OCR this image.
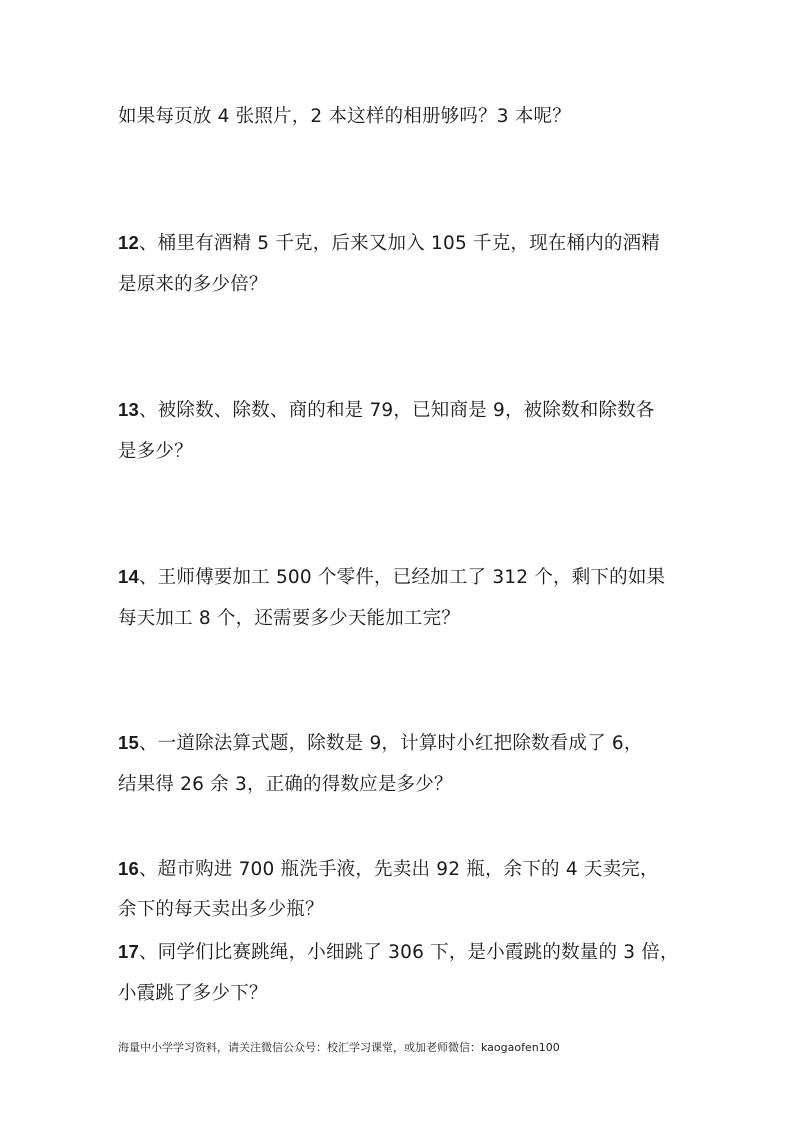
如果每页放 4 张照片，2 本这样的相册够吗？3 本呢？
12、桶里有酒精 5 千克，后来又加入 105 千克，现在桶内的酒精
是原来的多少倍？
13、被除数、除数、商的和是 79，已知商是 9，被除数和除数各
是多少？
14、王师傅要加工 500 个零件，已经加工了 312 个，剩下的如果
每天加工 8 个，还需要多少天能加工完？
15、一道除法算式题，除数是 9，计算时小红把除数看成了 6，
结果得 26 余 3，正确的得数应是多少？
16、超市购进 700 瓶洗手液，先卖出 92 瓶，余下的 4 天卖完，
余下的每天卖出多少瓶？
17、同学们比赛跳绳，小细跳了 306 下，是小霞跳的数量的 3 倍，
小霞跳了多少下？
海量中小学学习资料，请关注微信公众号：校汇学习课堂，或加老师微信：kaogaofen100
